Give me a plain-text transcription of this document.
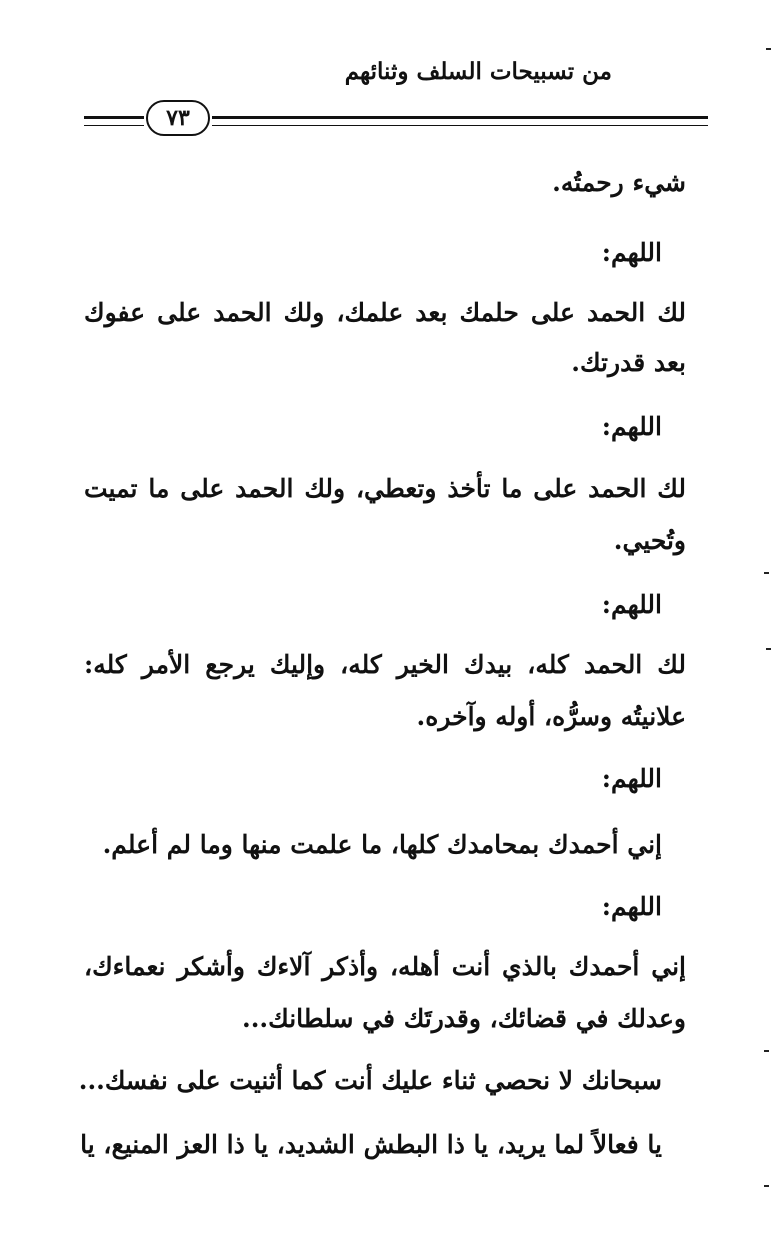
من تسبيحات السلف وثنائهم
٧٣
شيء رحمتُه.
اللهم:
لك الحمد على حلمك بعد علمك، ولك الحمد على عفوك
بعد قدرتك.
اللهم:
لك الحمد على ما تأخذ وتعطي، ولك الحمد على ما تميت
وتُحيي.
اللهم:
لك الحمد كله، بيدك الخير كله، وإليك يرجع الأمر كله:
علانيتُه وسرُّه، أوله وآخره.
اللهم:
إني أحمدك بمحامدك كلها، ما علمت منها وما لم أعلم.
اللهم:
إني أحمدك بالذي أنت أهله، وأذكر آلاءك وأشكر نعماءك،
وعدلك في قضائك، وقدرتَك في سلطانك...
سبحانك لا نحصي ثناء عليك أنت كما أثنيت على نفسك...
يا فعالاً لما يريد، يا ذا البطش الشديد، يا ذا العز المنيع، يا
